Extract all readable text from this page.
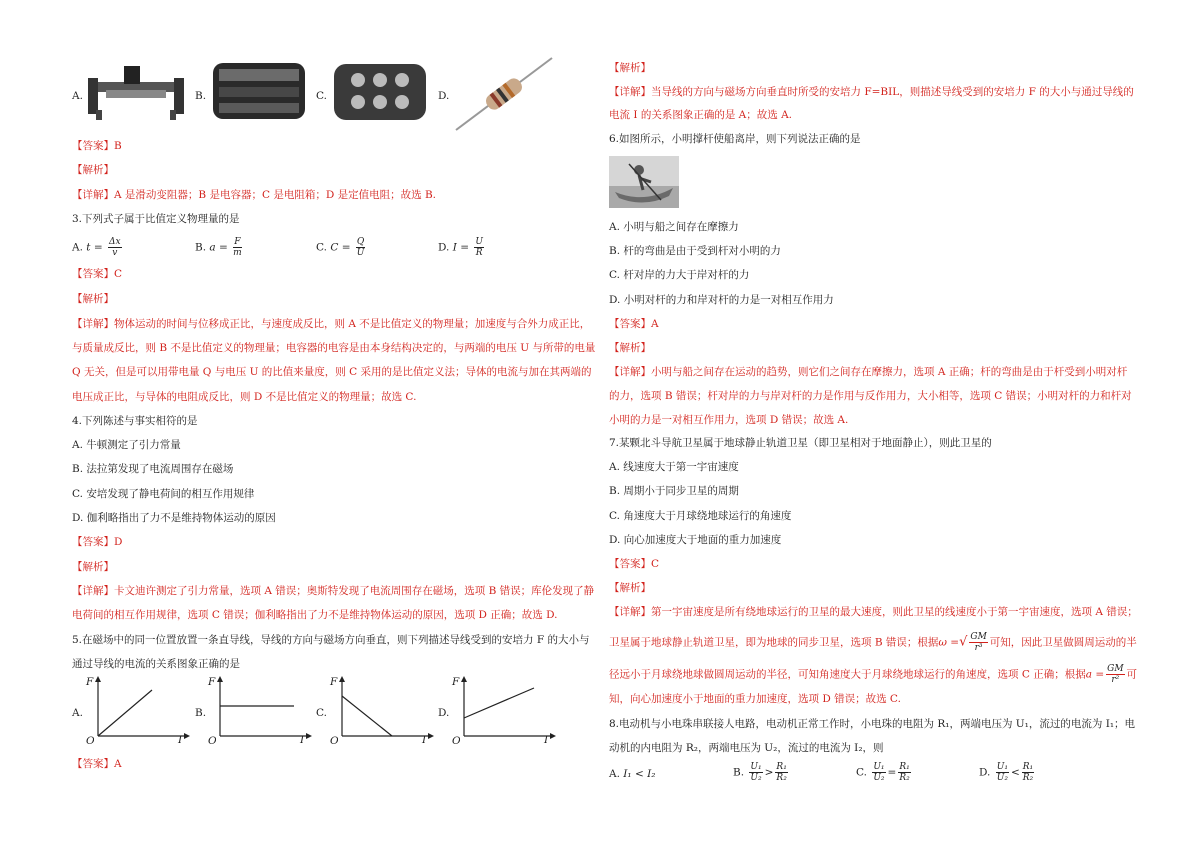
A.	B.	C.	D.
【答案】B
【解析】
【详解】A 是滑动变阻器；B 是电容器；C 是电阻箱；D 是定值电阻；故选 B.
3.下列式子属于比值定义物理量的是
A. $t = \frac{\Delta x}{v}$	B. $a = \frac{F}{m}$	C. $C = \frac{Q}{U}$	D. $I = \frac{U}{R}$
【答案】C
【解析】
【详解】物体运动的时间与位移成正比，与速度成反比，则 A 不是比值定义的物理量；加速度与合外力成正比，
与质量成反比，则 B 不是比值定义的物理量；电容器的电容是由本身结构决定的，与两端的电压 U 与所带的电量
Q 无关，但是可以用带电量 Q 与电压 U 的比值来量度，则 C 采用的是比值定义法；导体的电流与加在其两端的
电压成正比，与导体的电阻成反比，则 D 不是比值定义的物理量；故选 C.
4.下列陈述与事实相符的是
A. 牛顿测定了引力常量
B. 法拉第发现了电流周围存在磁场
C. 安培发现了静电荷间的相互作用规律
D. 伽利略指出了力不是维持物体运动的原因
【答案】D
【解析】
【详解】卡文迪许测定了引力常量，选项 A 错误；奥斯特发现了电流周围存在磁场，选项 B 错误；库伦发现了静
电荷间的相互作用规律，选项 C 错误；伽利略指出了力不是维持物体运动的原因，选项 D 正确；故选 D.
5.在磁场中的同一位置放置一条直导线，导线的方向与磁场方向垂直，则下列描述导线受到的安培力 F 的大小与
通过导线的电流的关系图象正确的是
A.
F
I
O
B.
F
I
O
C.
F
I
O
D.
F
I
O
【答案】A
【解析】
【详解】当导线的方向与磁场方向垂直时所受的安培力 F=BIL，则描述导线受到的安培力 F 的大小与通过导线的
电流 I 的关系图象正确的是 A；故选 A.
6.如图所示，小明撑杆使船离岸，则下列说法正确的是
A. 小明与船之间存在摩擦力
B. 杆的弯曲是由于受到杆对小明的力
C. 杆对岸的力大于岸对杆的力
D. 小明对杆的力和岸对杆的力是一对相互作用力
【答案】A
【解析】
【详解】小明与船之间存在运动的趋势，则它们之间存在摩擦力，选项 A 正确；杆的弯曲是由于杆受到小明对杆
的力，选项 B 错误；杆对岸的力与岸对杆的力是作用与反作用力，大小相等，选项 C 错误；小明对杆的力和杆对
小明的力是一对相互作用力，选项 D 错误；故选 A.
7.某颗北斗导航卫星属于地球静止轨道卫星（即卫星相对于地面静止），则此卫星的
A. 线速度大于第一宇宙速度
B. 周期小于同步卫星的周期
C. 角速度大于月球绕地球运行的角速度
D. 向心加速度大于地面的重力加速度
【答案】C
【解析】
【详解】第一宇宙速度是所有绕地球运行的卫星的最大速度，则此卫星的线速度小于第一宇宙速度，选项 A 错误；
卫星属于地球静止轨道卫星，即为地球的同步卫星，选项 B 错误；根据ω =√ $\frac{GM}{\text{r³}}$ 可知，因此卫星做圆周运动的半
径远小于月球绕地球做圆周运动的半径，可知角速度大于月球绕地球运行的角速度，选项 C 正确；根据$a = \frac{GM}{\text{r²}}$ 可
知，向心加速度小于地面的重力加速度，选项 D 错误；故选 C.
8.电动机与小电珠串联接人电路，电动机正常工作时，小电珠的电阻为 R₁，两端电压为 U₁，流过的电流为 I₁；电
动机的内电阻为 R₂，两端电压为 U₂，流过的电流为 I₂，则
A. I₁ < I₂	B. $\frac{\text{U₁}}{\text{U₂}} > \frac{\text{R₁}}{\text{R₂}}$	C. $\frac{\text{U₁}}{\text{U₂}} = \frac{\text{R₁}}{\text{R₂}}$	D. $\frac{\text{U₁}}{\text{U₂}} < \frac{\text{R₁}}{\text{R₂}}$
